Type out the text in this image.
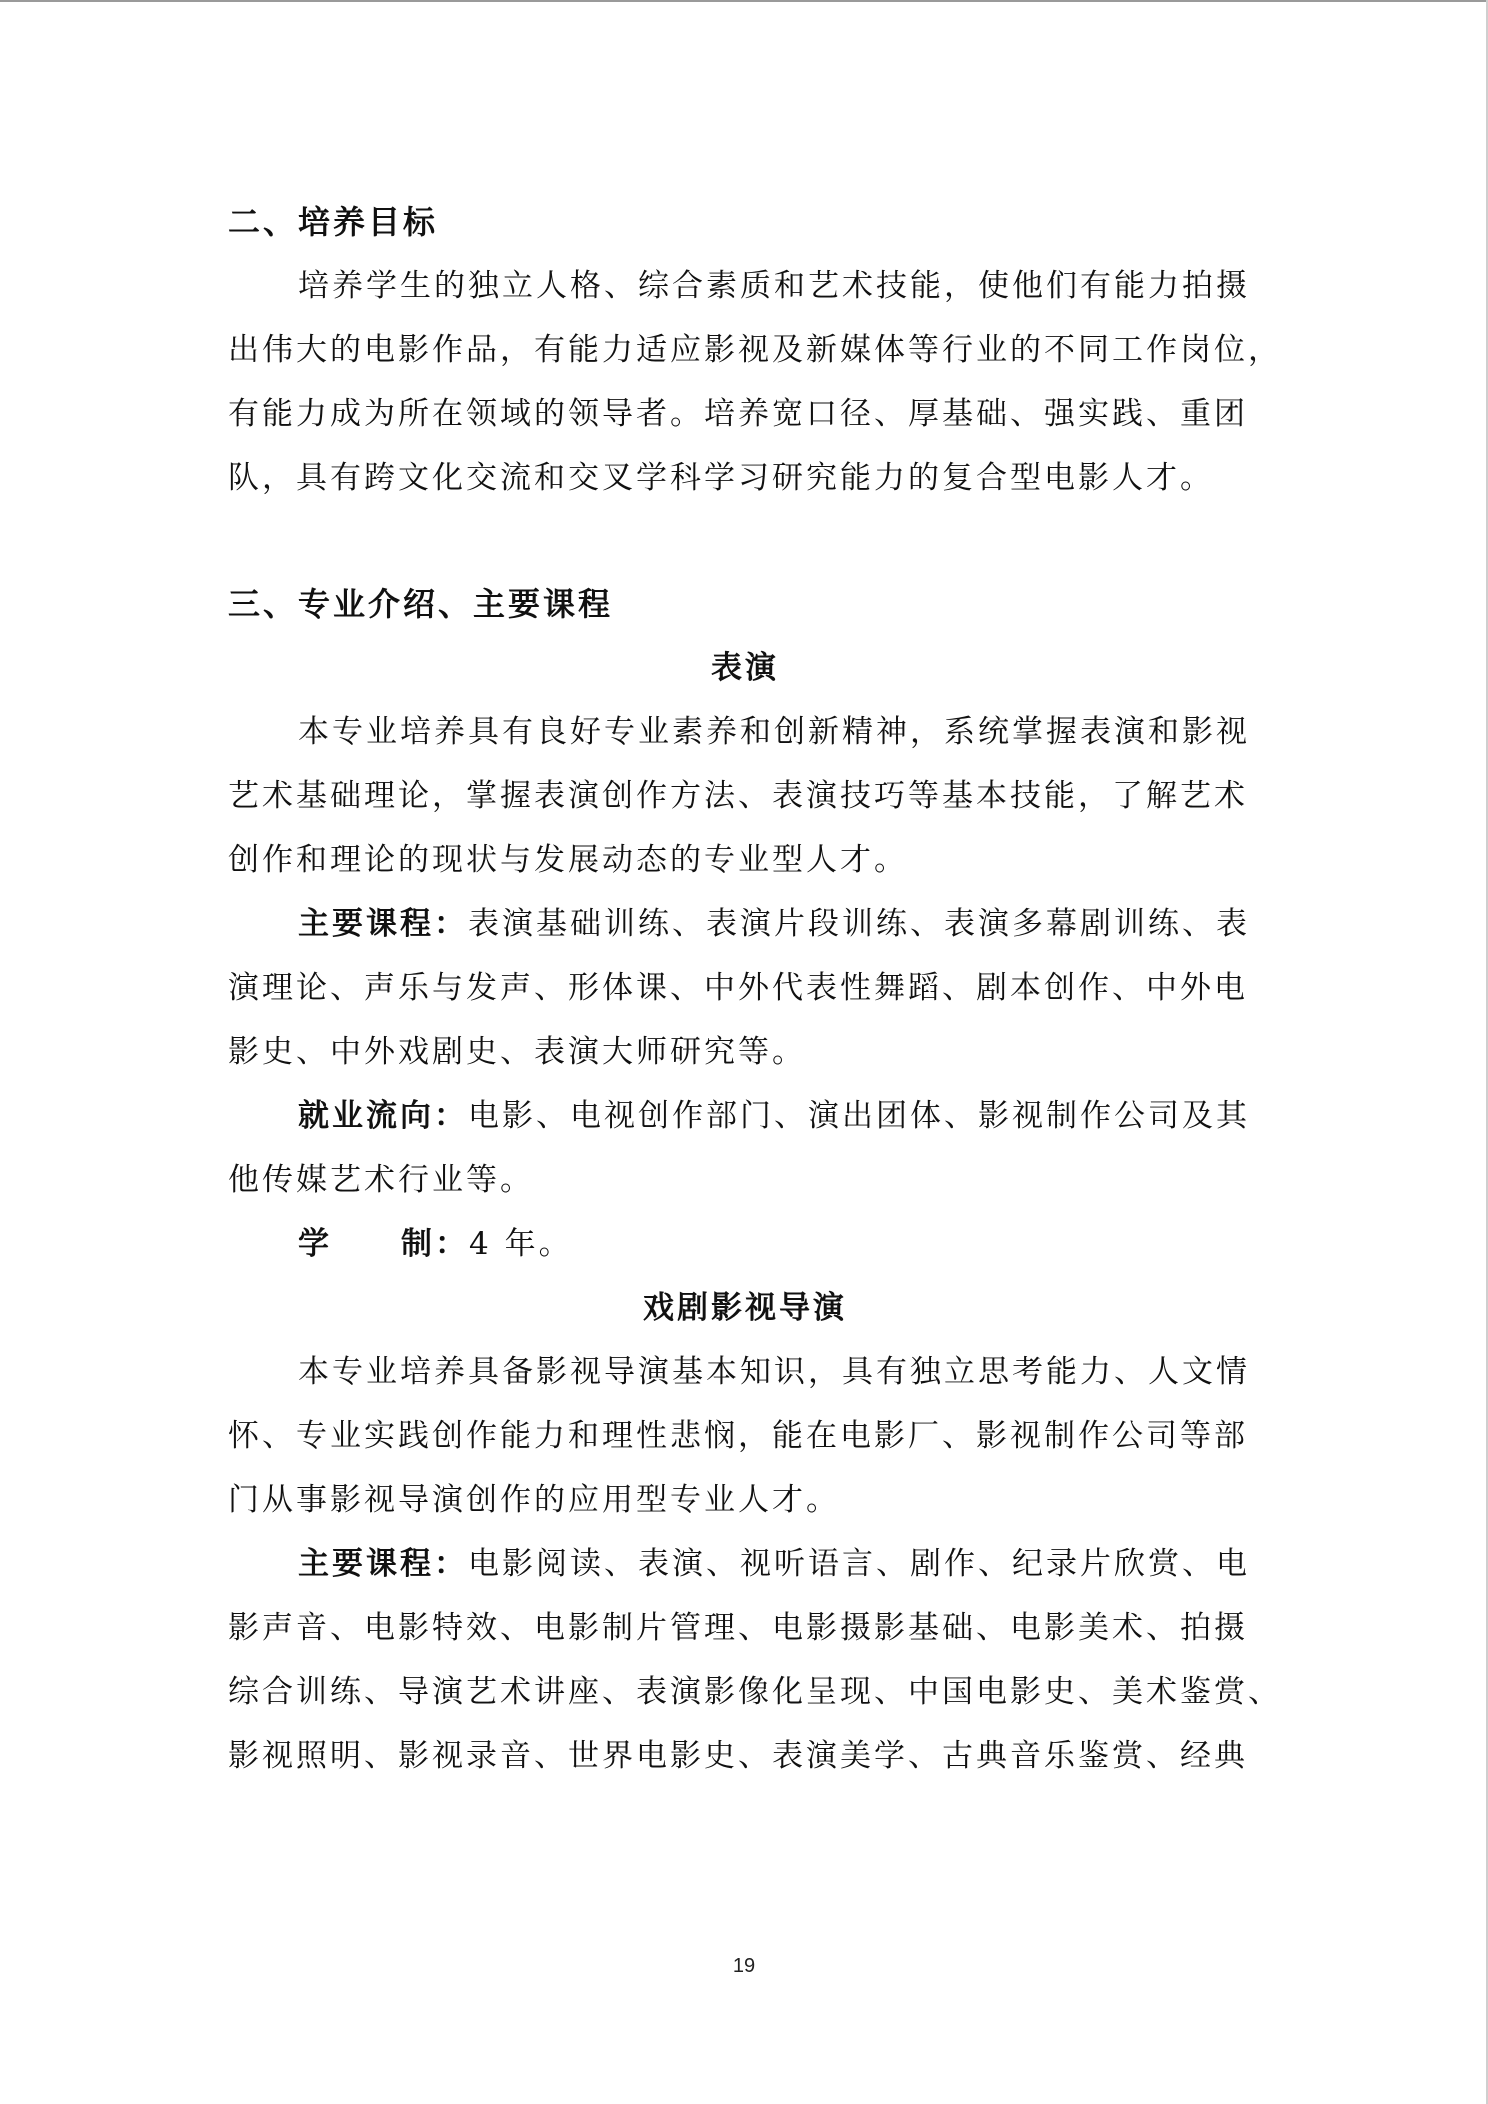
二、培养目标

培养学生的独立人格、综合素质和艺术技能，使他们有能力拍摄

出伟大的电影作品，有能力适应影视及新媒体等行业的不同工作岗位，

有能力成为所在领域的领导者。培养宽口径、厚基础、强实践、重团

队，具有跨文化交流和交叉学科学习研究能力的复合型电影人才。

三、专业介绍、主要课程

表演

本专业培养具有良好专业素养和创新精神，系统掌握表演和影视

艺术基础理论，掌握表演创作方法、表演技巧等基本技能，了解艺术

创作和理论的现状与发展动态的专业型人才。

主要课程：表演基础训练、表演片段训练、表演多幕剧训练、表

演理论、声乐与发声、形体课、中外代表性舞蹈、剧本创作、中外电

影史、中外戏剧史、表演大师研究等。

就业流向：电影、电视创作部门、演出团体、影视制作公司及其

他传媒艺术行业等。

学 制：4 年。

戏剧影视导演

本专业培养具备影视导演基本知识，具有独立思考能力、人文情

怀、专业实践创作能力和理性悲悯，能在电影厂、影视制作公司等部

门从事影视导演创作的应用型专业人才。

主要课程：电影阅读、表演、视听语言、剧作、纪录片欣赏、电

影声音、电影特效、电影制片管理、电影摄影基础、电影美术、拍摄

综合训练、导演艺术讲座、表演影像化呈现、中国电影史、美术鉴赏、

影视照明、影视录音、世界电影史、表演美学、古典音乐鉴赏、经典

19
